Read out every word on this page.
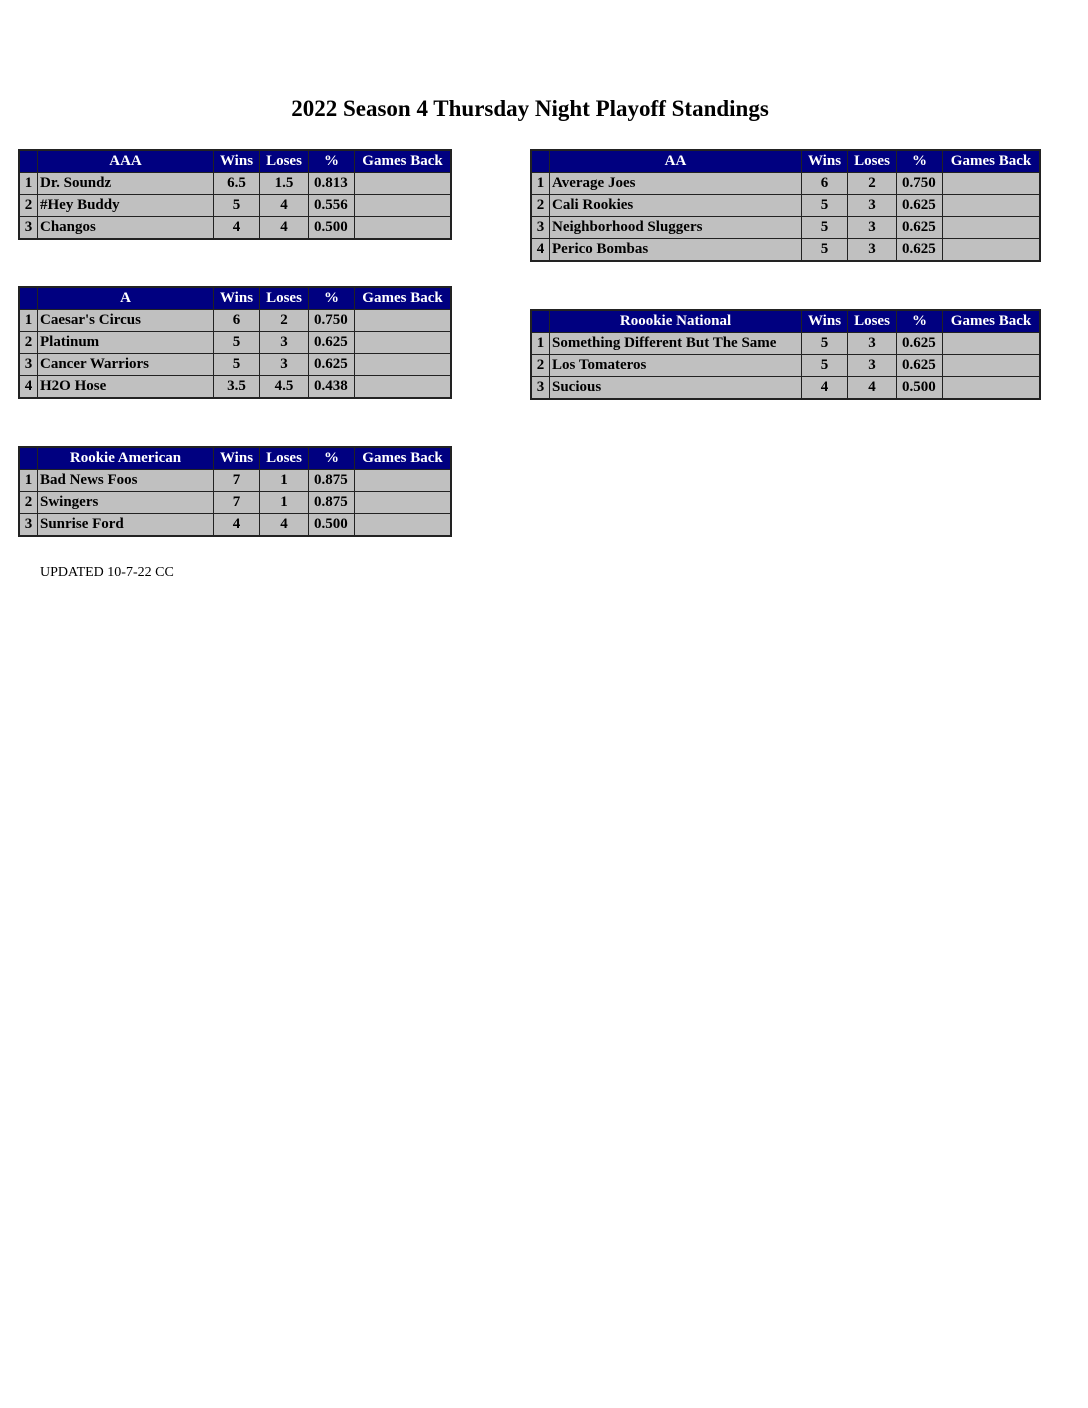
2022 Season 4 Thursday Night Playoff Standings
	AAA	Wins	Loses	%	Games Back
1	Dr. Soundz	6.5	1.5	0.813	
2	#Hey Buddy	5	4	0.556	
3	Changos	4	4	0.500	
	AA	Wins	Loses	%	Games Back
1	Average Joes	6	2	0.750	
2	Cali Rookies	5	3	0.625	
3	Neighborhood Sluggers	5	3	0.625	
4	Perico Bombas	5	3	0.625	
	A	Wins	Loses	%	Games Back
1	Caesar's Circus	6	2	0.750	
2	Platinum	5	3	0.625	
3	Cancer Warriors	5	3	0.625	
4	H2O Hose	3.5	4.5	0.438	
	Roookie National	Wins	Loses	%	Games Back
1	Something Different But The Same	5	3	0.625	
2	Los Tomateros	5	3	0.625	
3	Sucious	4	4	0.500	
	Rookie American	Wins	Loses	%	Games Back
1	Bad News Foos	7	1	0.875	
2	Swingers	7	1	0.875	
3	Sunrise Ford	4	4	0.500	
UPDATED 10-7-22 CC
